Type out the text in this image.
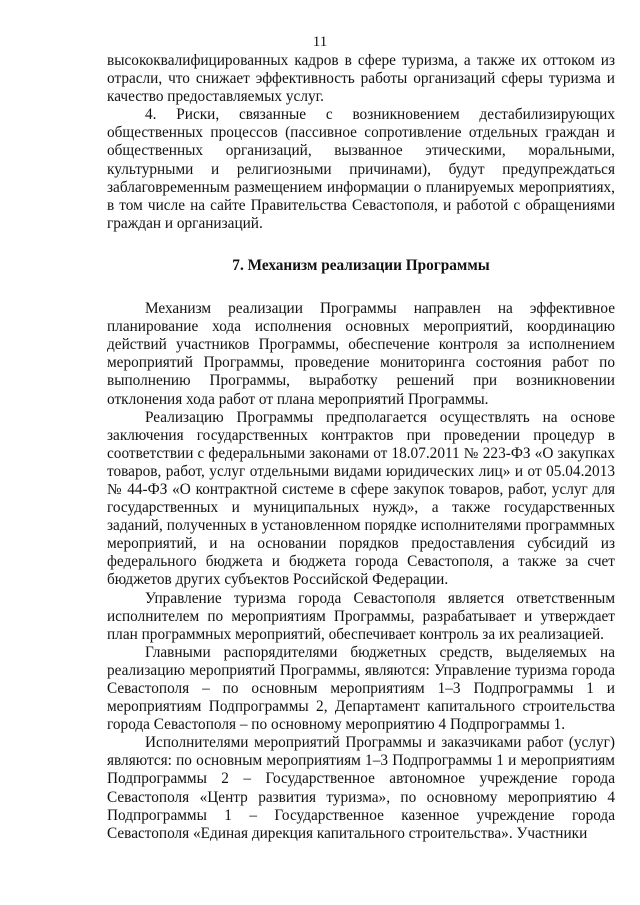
11

высококвалифицированных кадров в сфере туризма, а также их оттоком из отрасли, что снижает эффективность работы организаций сферы туризма и качество предоставляемых услуг.

4. Риски, связанные с возникновением дестабилизирующих общественных процессов (пассивное сопротивление отдельных граждан и общественных организаций, вызванное этическими, моральными, культурными и религиозными причинами), будут предупреждаться заблаговременным размещением информации о планируемых мероприятиях, в том числе на сайте Правительства Севастополя, и работой с обращениями граждан и организаций.

7. Механизм реализации Программы

Механизм реализации Программы направлен на эффективное планирование хода исполнения основных мероприятий, координацию действий участников Программы, обеспечение контроля за исполнением мероприятий Программы, проведение мониторинга состояния работ по выполнению Программы, выработку решений при возникновении отклонения хода работ от плана мероприятий Программы.

Реализацию Программы предполагается осуществлять на основе заключения государственных контрактов при проведении процедур в соответствии с федеральными законами от 18.07.2011 № 223-ФЗ «О закупках товаров, работ, услуг отдельными видами юридических лиц» и от 05.04.2013 № 44-ФЗ «О контрактной системе в сфере закупок товаров, работ, услуг для государственных и муниципальных нужд», а также государственных заданий, полученных в установленном порядке исполнителями программных мероприятий, и на основании порядков предоставления субсидий из федерального бюджета и бюджета города Севастополя, а также за счет бюджетов других субъектов Российской Федерации.

Управление туризма города Севастополя является ответственным исполнителем по мероприятиям Программы, разрабатывает и утверждает план программных мероприятий, обеспечивает контроль за их реализацией.

Главными распорядителями бюджетных средств, выделяемых на реализацию мероприятий Программы, являются: Управление туризма города Севастополя – по основным мероприятиям 1–3 Подпрограммы 1 и мероприятиям Подпрограммы 2, Департамент капитального строительства города Севастополя – по основному мероприятию 4 Подпрограммы 1.

Исполнителями мероприятий Программы и заказчиками работ (услуг) являются: по основным мероприятиям 1–3 Подпрограммы 1 и мероприятиям Подпрограммы 2 – Государственное автономное учреждение города Севастополя «Центр развития туризма», по основному мероприятию 4 Подпрограммы 1 – Государственное казенное учреждение города Севастополя «Единая дирекция капитального строительства». Участники
